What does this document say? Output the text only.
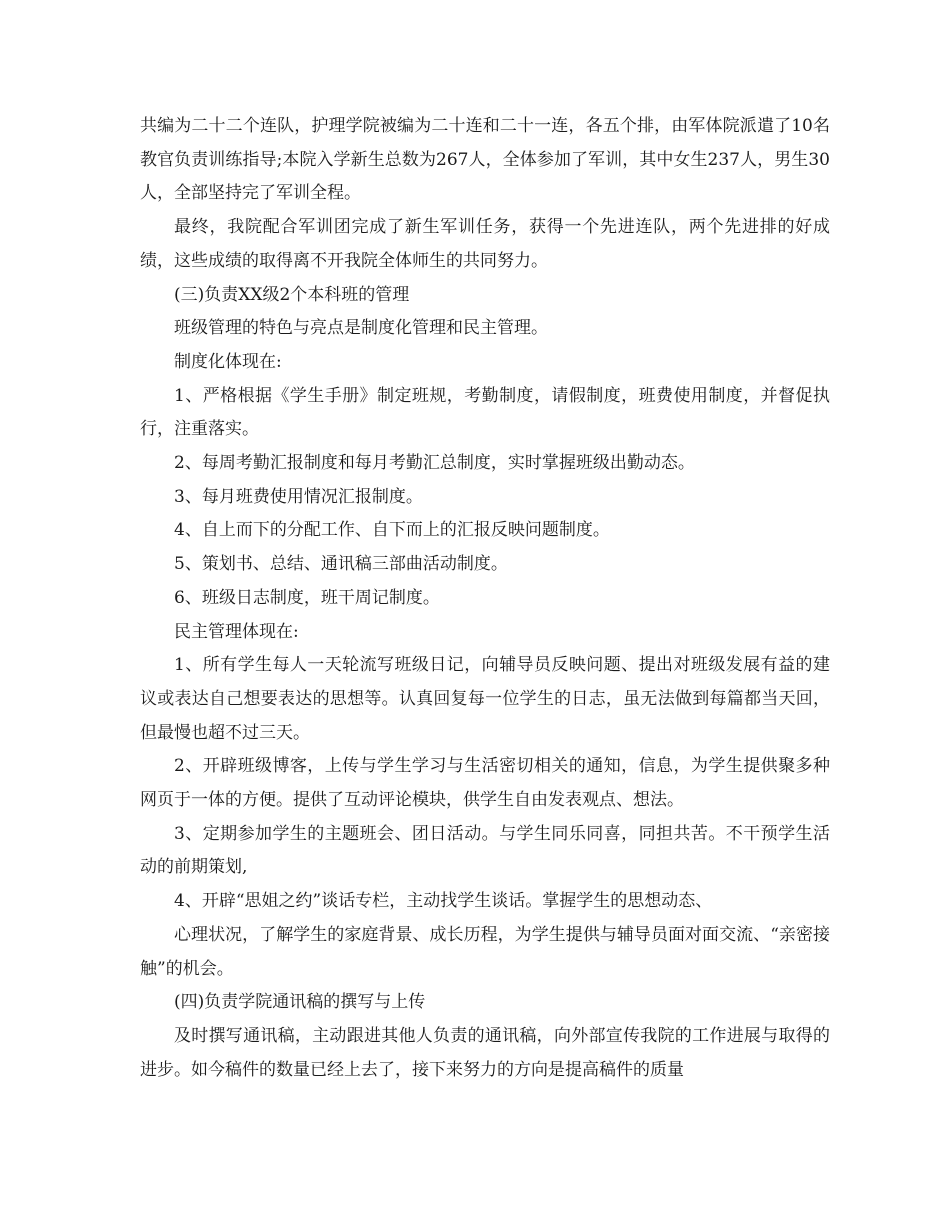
共编为二十二个连队，护理学院被编为二十连和二十一连，各五个排，由军体院派遣了10名教官负责训练指导;本院入学新生总数为267人，全体参加了军训，其中女生237人，男生30人，全部坚持完了军训全程。

最终，我院配合军训团完成了新生军训任务，获得一个先进连队，两个先进排的好成绩，这些成绩的取得离不开我院全体师生的共同努力。

(三)负责XX级2个本科班的管理

班级管理的特色与亮点是制度化管理和民主管理。

制度化体现在:

1、严格根据《学生手册》制定班规，考勤制度，请假制度，班费使用制度，并督促执行，注重落实。

2、每周考勤汇报制度和每月考勤汇总制度，实时掌握班级出勤动态。

3、每月班费使用情况汇报制度。

4、自上而下的分配工作、自下而上的汇报反映问题制度。

5、策划书、总结、通讯稿三部曲活动制度。

6、班级日志制度，班干周记制度。

民主管理体现在:

1、所有学生每人一天轮流写班级日记，向辅导员反映问题、提出对班级发展有益的建议或表达自己想要表达的思想等。认真回复每一位学生的日志，虽无法做到每篇都当天回，但最慢也超不过三天。

2、开辟班级博客，上传与学生学习与生活密切相关的通知，信息，为学生提供聚多种网页于一体的方便。提供了互动评论模块，供学生自由发表观点、想法。

3、定期参加学生的主题班会、团日活动。与学生同乐同喜，同担共苦。不干预学生活动的前期策划,

4、开辟“思姐之约”谈话专栏，主动找学生谈话。掌握学生的思想动态、

心理状况，了解学生的家庭背景、成长历程，为学生提供与辅导员面对面交流、“亲密接触”的机会。

(四)负责学院通讯稿的撰写与上传

及时撰写通讯稿，主动跟进其他人负责的通讯稿，向外部宣传我院的工作进展与取得的进步。如今稿件的数量已经上去了，接下来努力的方向是提高稿件的质量
